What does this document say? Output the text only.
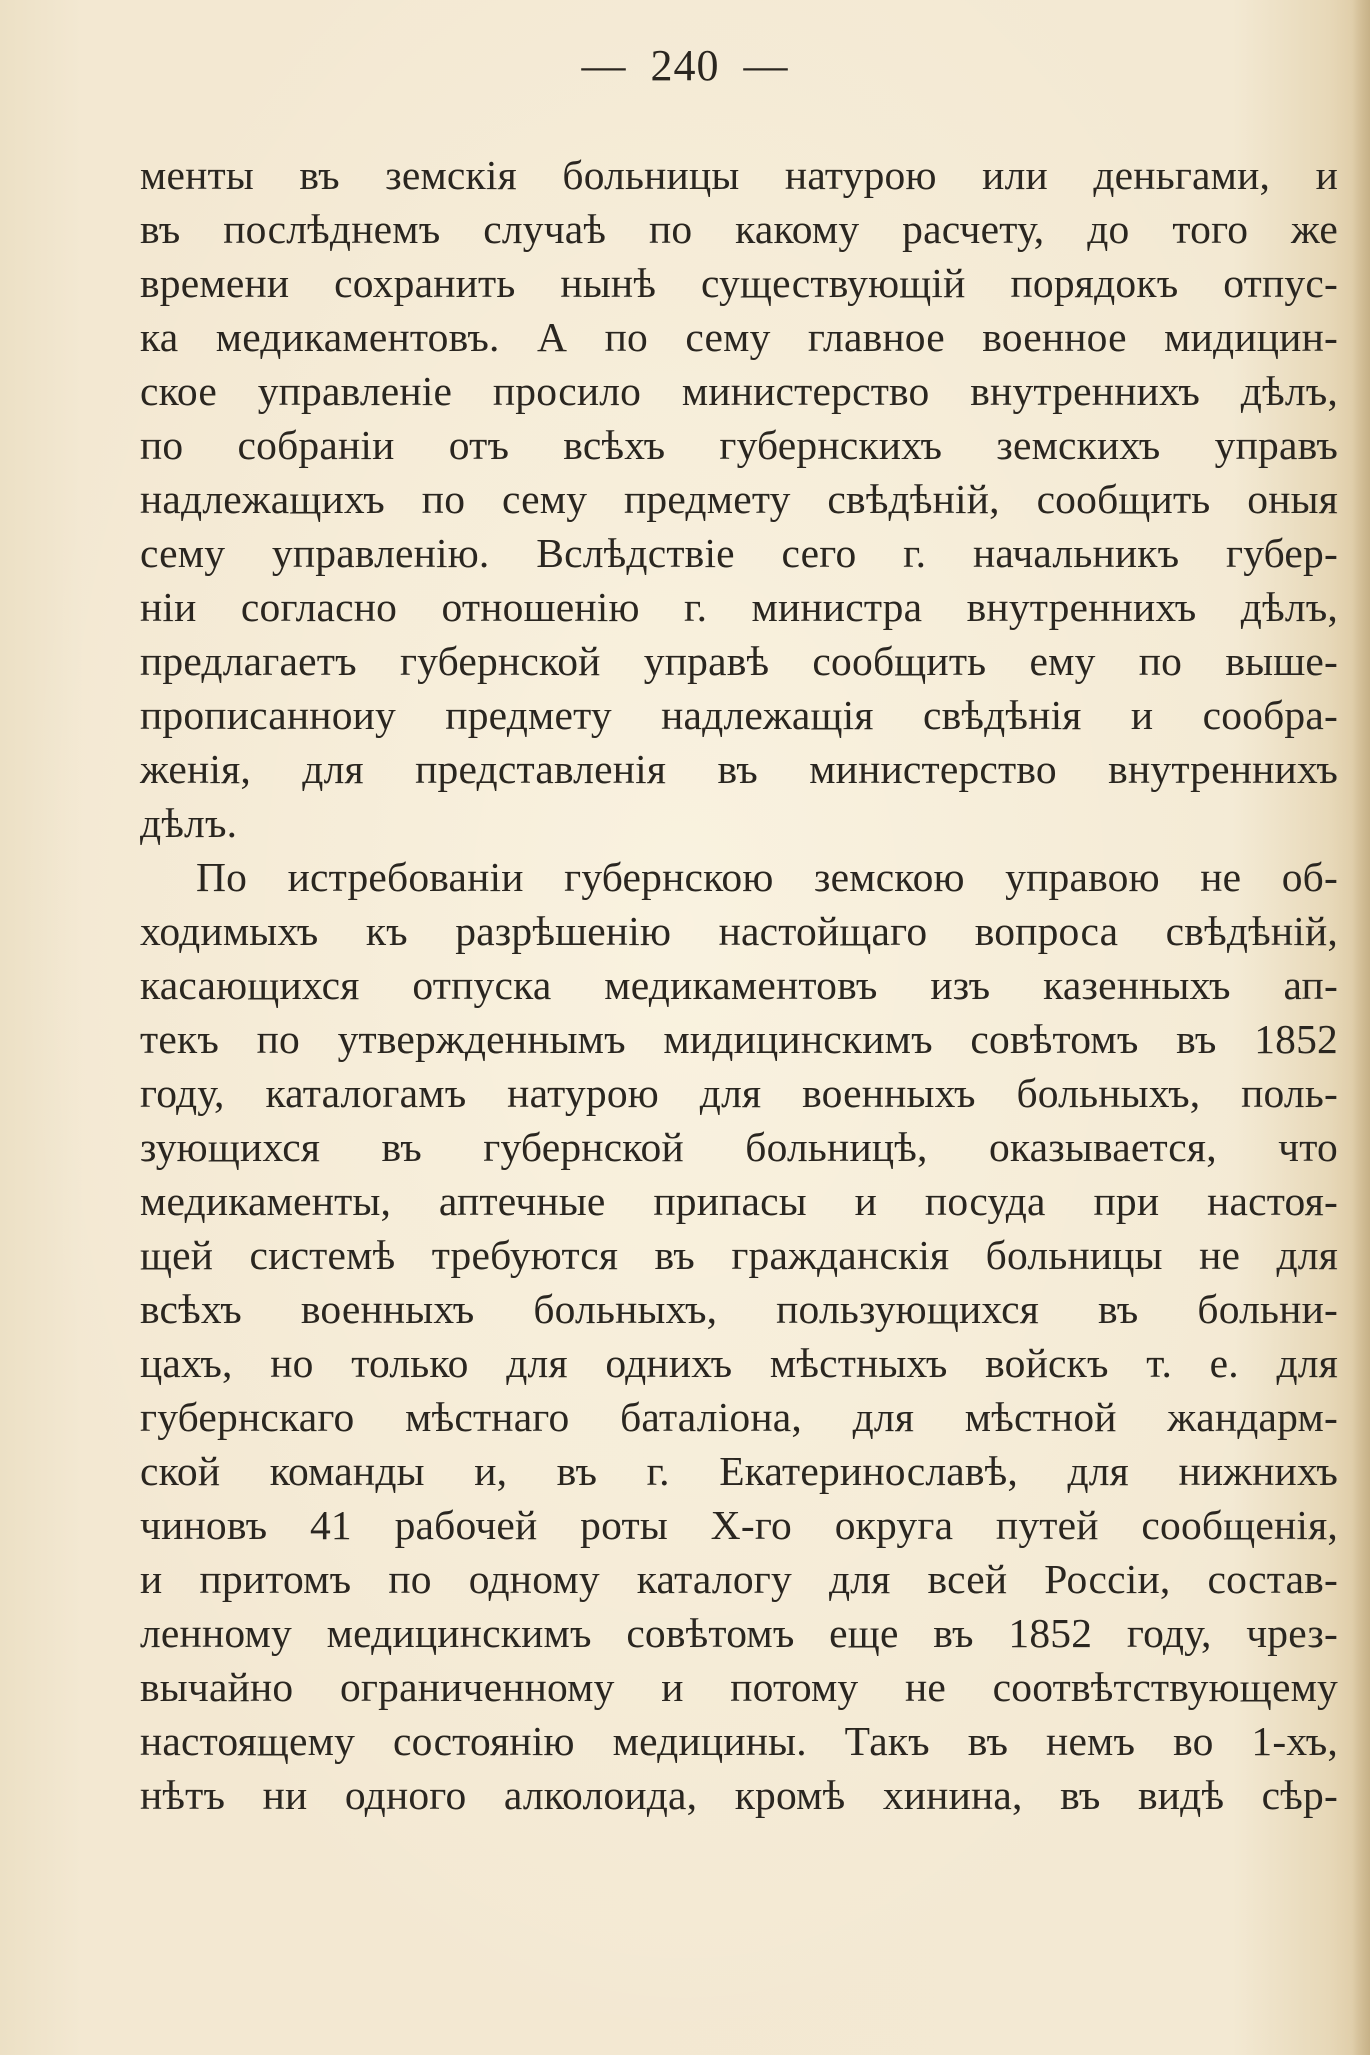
— 240 —
менты въ земскія больницы натурою или деньгами, и
въ послѣднемъ случаѣ по какому расчету, до того же
времени сохранить нынѣ существующій порядокъ отпус-
ка медикаментовъ. А по сему главное военное мидицин-
ское управленіе просило министерство внутреннихъ дѣлъ,
по собраніи отъ всѣхъ губернскихъ земскихъ управъ
надлежащихъ по сему предмету свѣдѣній, сообщить оныя
сему управленію. Вслѣдствіе сего г. начальникъ губер-
ніи согласно отношенію г. министра внутреннихъ дѣлъ,
предлагаетъ губернской управѣ сообщить ему по выше-
прописанноиу предмету надлежащія свѣдѣнія и сообра-
женія, для представленія въ министерство внутреннихъ
дѣлъ.
По истребованіи губернскою земскою управою не об-
ходимыхъ къ разрѣшенію настойщаго вопроса свѣдѣній,
касающихся отпуска медикаментовъ изъ казенныхъ ап-
текъ по утвержденнымъ мидицинскимъ совѣтомъ въ 1852
году, каталогамъ натурою для военныхъ больныхъ, поль-
зующихся въ губернской больницѣ, оказывается, что
медикаменты, аптечные припасы и посуда при настоя-
щей системѣ требуются въ гражданскія больницы не для
всѣхъ военныхъ больныхъ, пользующихся въ больни-
цахъ, но только для однихъ мѣстныхъ войскъ т. е. для
губернскаго мѣстнаго баталіона, для мѣстной жандарм-
ской команды и, въ г. Екатеринославѣ, для нижнихъ
чиновъ 41 рабочей роты Х-го округа путей сообщенія,
и притомъ по одному каталогу для всей Россіи, состав-
ленному медицинскимъ совѣтомъ еще въ 1852 году, чрез-
вычайно ограниченному и потому не соотвѣтствующему
настоящему состоянію медицины. Такъ въ немъ во 1-хъ,
нѣтъ ни одного алколоида, кромѣ хинина, въ видѣ сѣр-
